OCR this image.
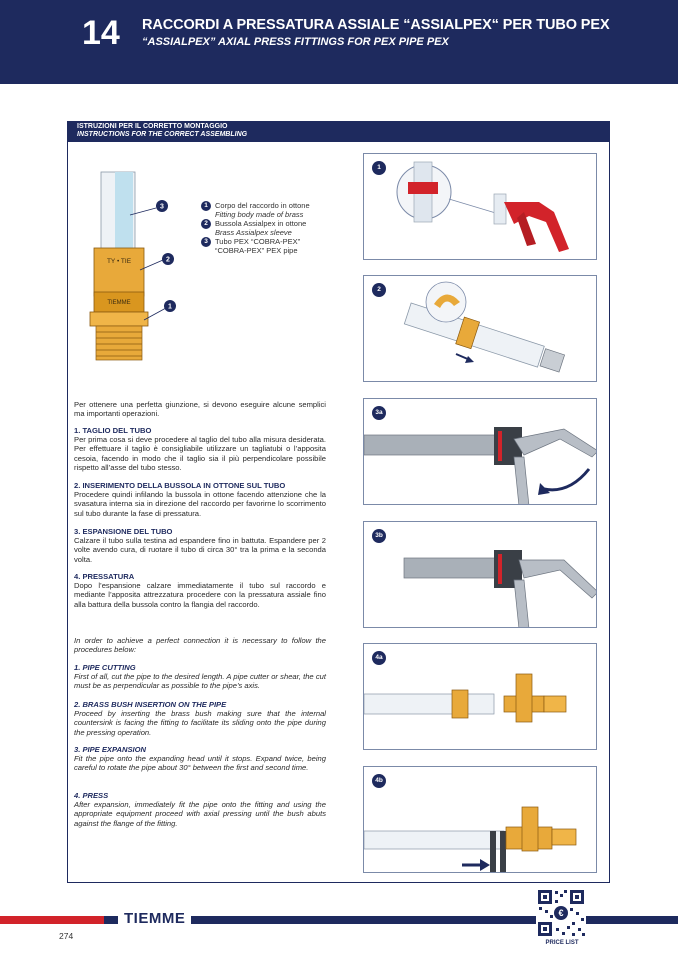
14 RACCORDI A PRESSATURA ASSIALE “ASSIALPEX“ PER TUBO PEX
“ASSIALPEX” AXIAL PRESS FITTINGS FOR PEX PIPE PEX
ISTRUZIONI PER IL CORRETTO MONTAGGIO
INSTRUCTIONS FOR THE CORRECT ASSEMBLING
TY • TIE
TIEMME
3
2
1
1 Corpo del raccordo in ottone
Fitting body made of brass
2 Bussola Assialpex in ottone
Brass Assialpex sleeve
3 Tubo PEX “COBRA-PEX”
“COBRA-PEX” PEX pipe
Per ottenere una perfetta giunzione, si devono eseguire alcune semplici ma importanti operazioni.
1. TAGLIO DEL TUBO
Per prima cosa si deve procedere al taglio del tubo alla misura desiderata. Per effettuare il taglio è consigliabile utilizzare un tagliatubi o l’apposita cesoia, facendo in modo che il taglio sia il più perpendicolare possibile rispetto all’asse del tubo stesso.
2. INSERIMENTO DELLA BUSSOLA IN OTTONE SUL TUBO
Procedere quindi infilando la bussola in ottone facendo attenzione che la svasatura interna sia in direzione del raccordo per favorirne lo scorrimento sul tubo durante la fase di pressatura.
3. ESPANSIONE DEL TUBO
Calzare il tubo sulla testina ad espandere fino in battuta. Espandere per 2 volte avendo cura, di ruotare il tubo di circa 30° tra la prima e la seconda volta.
4. PRESSATURA
Dopo l’espansione calzare immediatamente il tubo sul raccordo e mediante l’apposita attrezzatura procedere con la pressatura assiale fino alla battura della bussola contro la flangia del raccordo.
In order to achieve a perfect connection it is necessary to follow the procedures below:
1. PIPE CUTTING
First of all, cut the pipe to the desired length. A pipe cutter or shear, the cut must be as perpendicular as possible to the pipe’s axis.
2. BRASS BUSH INSERTION ON THE PIPE
Proceed by inserting the brass bush making sure that the internal countersink is facing the fitting to facilitate its sliding onto the pipe during the pressing operation.
3. PIPE EXPANSION
Fit the pipe onto the expanding head until it stops. Expand twice, being careful to rotate the pipe about 30° between the first and second time.
4. PRESS
After expansion, immediately fit the pipe onto the fitting and using the appropriate equipment proceed with axial pressing until the bush abuts against the flange of the fitting.
1
2
3a
3b
4a
4b
TIEMME
274
€
PRICE LIST
